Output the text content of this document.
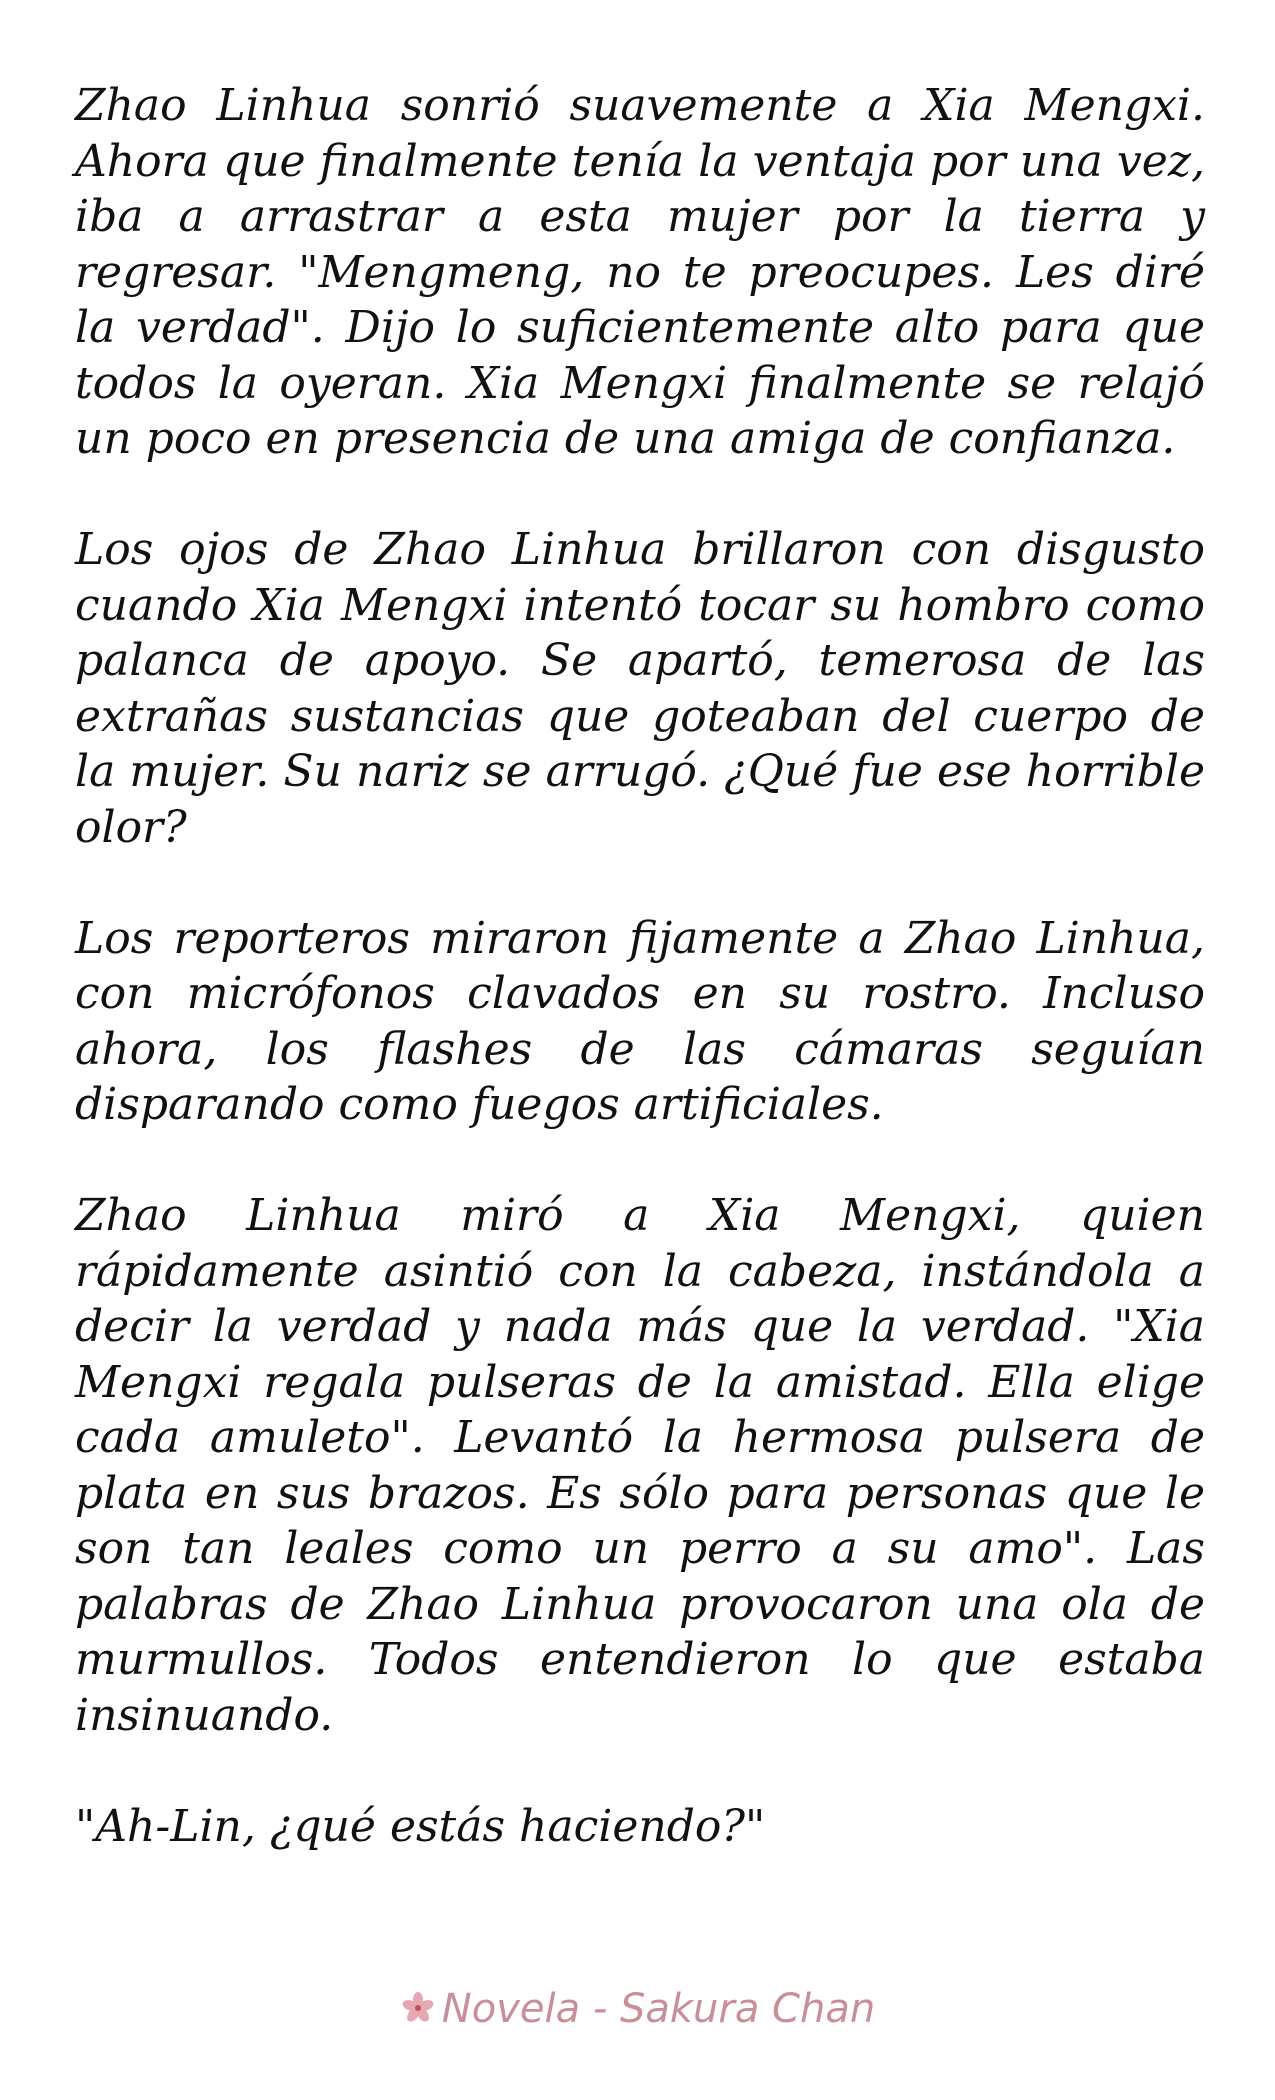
Zhao Linhua sonrió suavemente a Xia Mengxi. Ahora que finalmente tenía la ventaja por una vez, iba a arrastrar a esta mujer por la tierra y regresar. "Mengmeng, no te preocupes. Les diré la verdad". Dijo lo suficientemente alto para que todos la oyeran. Xia Mengxi finalmente se relajó un poco en presencia de una amiga de confianza.

Los ojos de Zhao Linhua brillaron con disgusto cuando Xia Mengxi intentó tocar su hombro como palanca de apoyo. Se apartó, temerosa de las extrañas sustancias que goteaban del cuerpo de la mujer. Su nariz se arrugó. ¿Qué fue ese horrible olor?

Los reporteros miraron fijamente a Zhao Linhua, con micrófonos clavados en su rostro. Incluso ahora, los flashes de las cámaras seguían disparando como fuegos artificiales.

Zhao Linhua miró a Xia Mengxi, quien rápidamente asintió con la cabeza, instándola a decir la verdad y nada más que la verdad. "Xia Mengxi regala pulseras de la amistad. Ella elige cada amuleto". Levantó la hermosa pulsera de plata en sus brazos. Es sólo para personas que le son tan leales como un perro a su amo". Las palabras de Zhao Linhua provocaron una ola de murmullos. Todos entendieron lo que estaba insinuando.

"Ah-Lin, ¿qué estás haciendo?"

Novela - Sakura Chan
